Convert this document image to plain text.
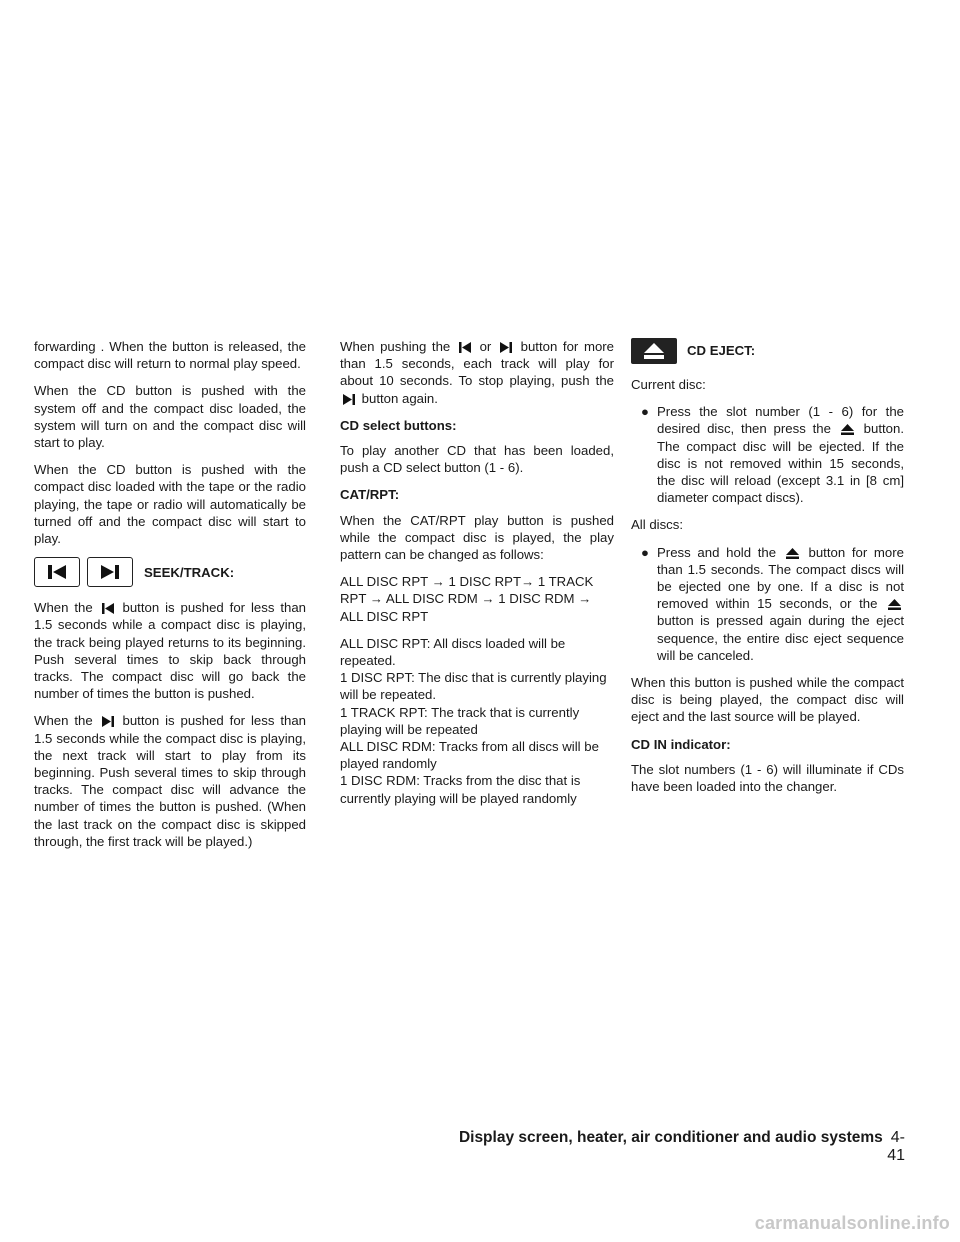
forwarding . When the button is released, the compact disc will return to normal play speed.

When the CD button is pushed with the system off and the compact disc loaded, the system will turn on and the compact disc will start to play.

When the CD button is pushed with the compact disc loaded with the tape or the radio playing, the tape or radio will automatically be turned off and the compact disc will start to play.

SEEK/TRACK:

When the button is pushed for less than 1.5 seconds while a compact disc is playing, the track being played returns to its beginning. Push several times to skip back through tracks. The compact disc will go back the number of times the button is pushed.

When the button is pushed for less than 1.5 seconds while the compact disc is playing, the next track will start to play from its beginning. Push several times to skip through tracks. The compact disc will advance the number of times the button is pushed. (When the last track on the compact disc is skipped through, the first track will be played.)

When pushing the or button for more than 1.5 seconds, each track will play for about 10 seconds. To stop playing, push the  button again.

CD select buttons:

To play another CD that has been loaded, push a CD select button (1 - 6).

CAT/RPT:

When the CAT/RPT play button is pushed while the compact disc is played, the play pattern can be changed as follows:

ALL DISC RPT → 1 DISC RPT→ 1 TRACK RPT → ALL DISC RDM → 1 DISC RDM → ALL DISC RPT

ALL DISC RPT: All discs loaded will be repeated.

1 DISC RPT: The disc that is currently playing will be repeated.

1 TRACK RPT: The track that is currently playing will be repeated

ALL DISC RDM: Tracks from all discs will be played randomly

1 DISC RDM: Tracks from the disc that is currently playing will be played randomly

CD EJECT:

Current disc:

● Press the slot number (1 - 6) for the desired disc, then press the button. The compact disc will be ejected. If the disc is not removed within 15 seconds, the disc will reload (except 3.1 in [8 cm] diameter compact discs).

All discs:

● Press and hold the button for more than 1.5 seconds. The compact discs will be ejected one by one. If a disc is not removed within 15 seconds, or the  button is pressed again during the eject sequence, the entire disc eject sequence will be canceled.

When this button is pushed while the compact disc is being played, the compact disc will eject and the last source will be played.

CD IN indicator:

The slot numbers (1 - 6) will illuminate if CDs have been loaded into the changer.

Display screen, heater, air conditioner and audio systems 4-41
carmanualsonline.info
